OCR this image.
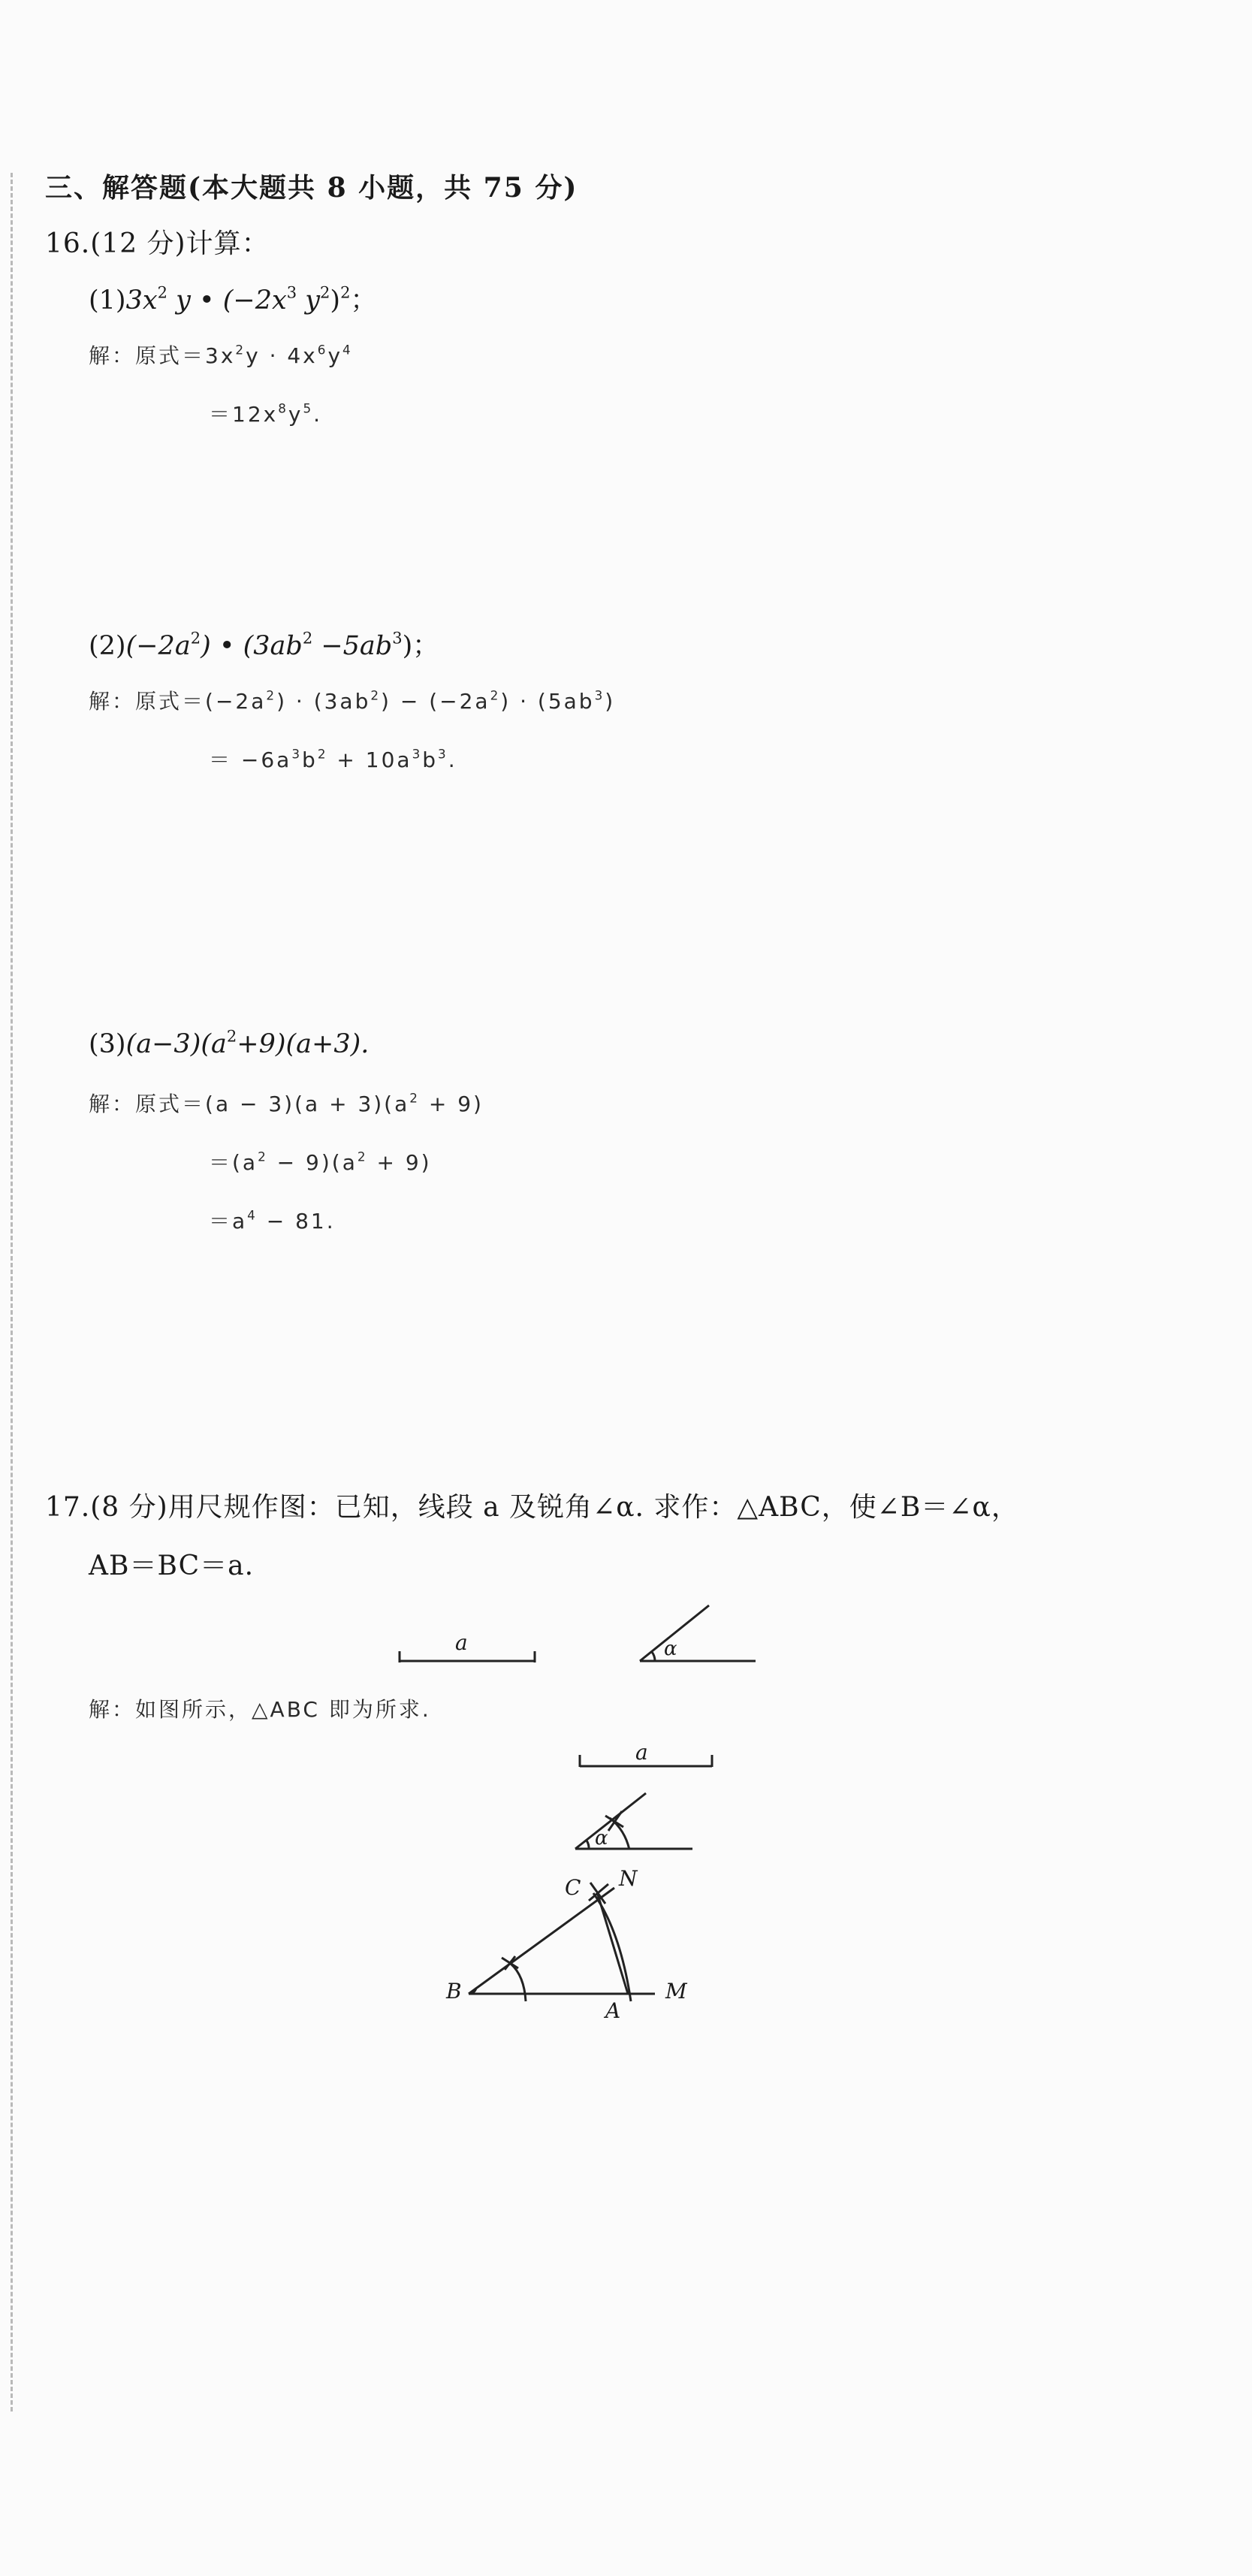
三、解答题(本大题共 8 小题，共 75 分)
16.(12 分)计算：
$(1)3x^2$ y • ($-2x^3$ $y^2)^2$；
解：原式$=3x^2y \cdot 4x^6y^4$
$=12x^8y^5$.
$(2)(-2a^2)$ • $(3ab^2 -5ab^3)$；
解：原式$=(-2a^2) \cdot (3ab^2) - (-2a^2) \cdot (5ab^3)$
＝ $-6a^3b^2 + 10a^3b^3$.
$(3)(a-3)(a^2+9)(a+3)$.
解：原式$=(a - 3)(a + 3)(a^2 + 9)$
$=(a^2 - 9)(a^2 + 9)$
$=a^4 - 81$.
17.(8 分)用尺规作图：已知，线段 a 及锐角∠α. 求作：△ABC，使∠B＝∠α，
AB＝BC＝a.
a	α
解：如图所示，△ABC 即为所求.
a
α
B
A
M
C N
